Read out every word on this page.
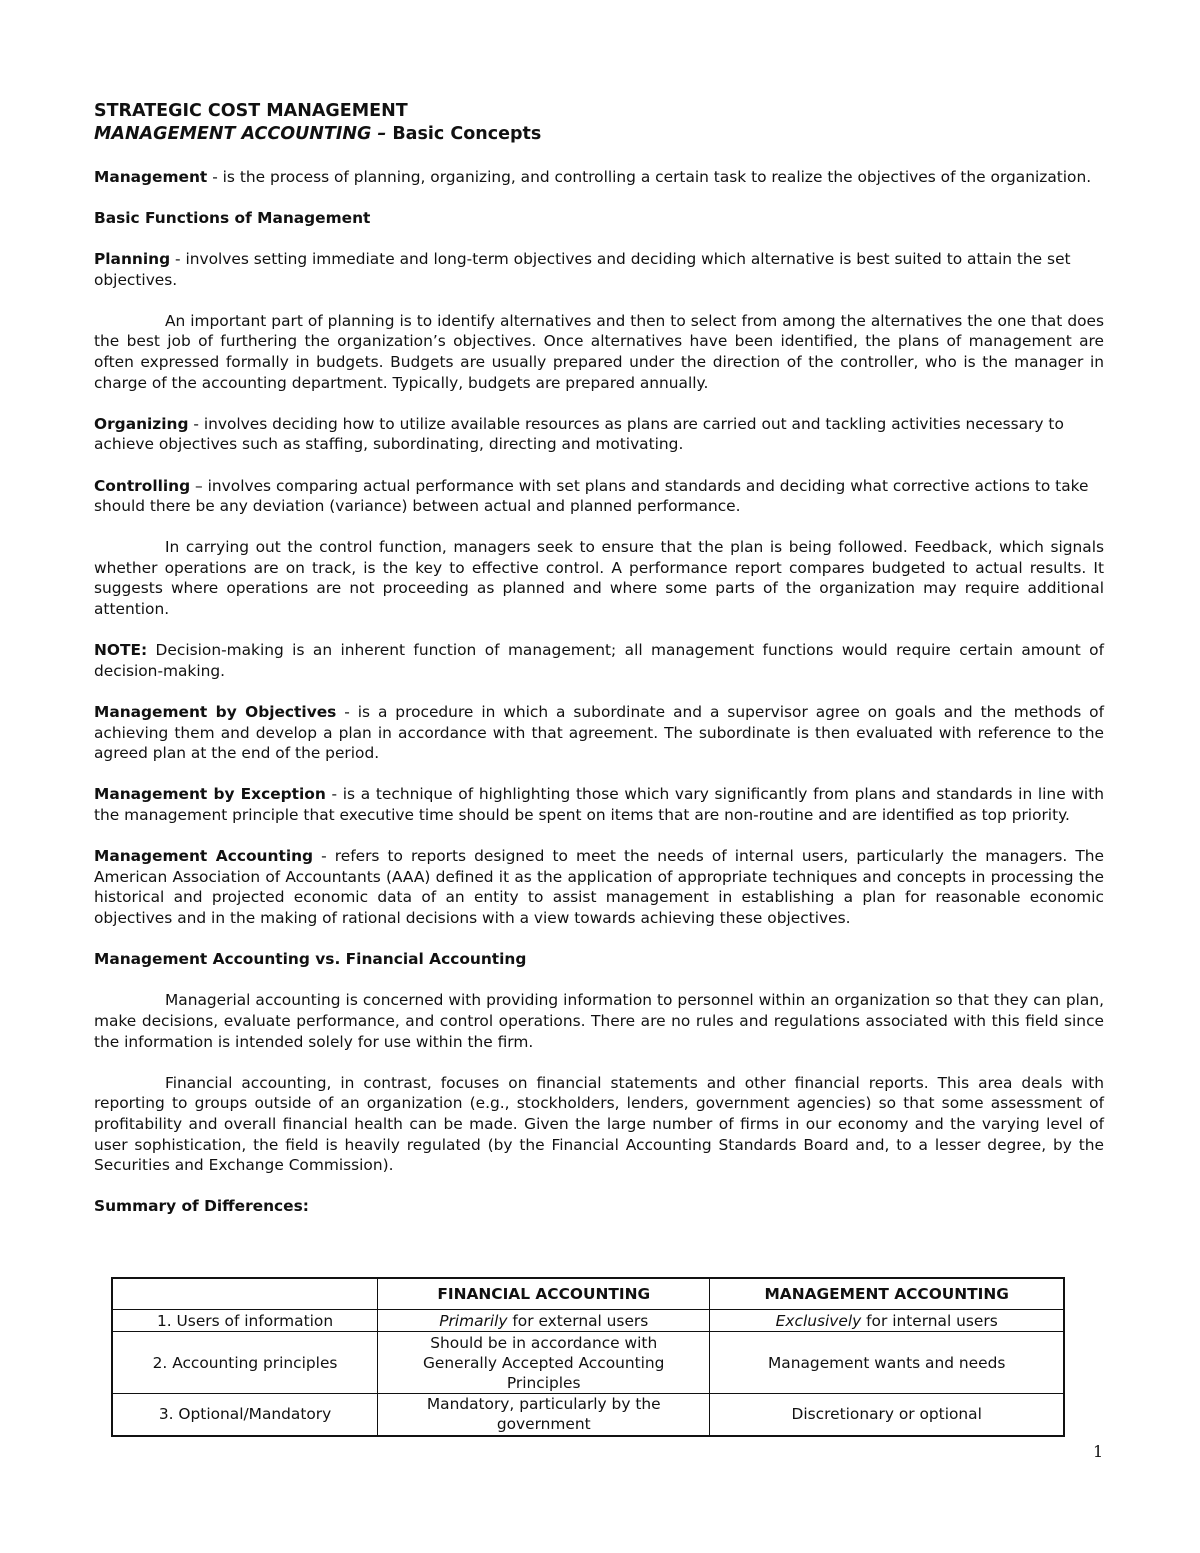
STRATEGIC COST MANAGEMENT

MANAGEMENT ACCOUNTING – Basic Concepts

Management - is the process of planning, organizing, and controlling a certain task to realize the objectives of the organization.

Basic Functions of Management

Planning - involves setting immediate and long-term objectives and deciding which alternative is best suited to attain the set objectives.

An important part of planning is to identify alternatives and then to select from among the alternatives the one that does the best job of furthering the organization’s objectives. Once alternatives have been identified, the plans of management are often expressed formally in budgets. Budgets are usually prepared under the direction of the controller, who is the manager in charge of the accounting department. Typically, budgets are prepared annually.

Organizing - involves deciding how to utilize available resources as plans are carried out and tackling activities necessary to achieve objectives such as staffing, subordinating, directing and motivating.

Controlling – involves comparing actual performance with set plans and standards and deciding what corrective actions to take should there be any deviation (variance) between actual and planned performance.

In carrying out the control function, managers seek to ensure that the plan is being followed. Feedback, which signals whether operations are on track, is the key to effective control. A performance report compares budgeted to actual results. It suggests where operations are not proceeding as planned and where some parts of the organization may require additional attention.

NOTE: Decision-making is an inherent function of management; all management functions would require certain amount of decision-making.

Management by Objectives - is a procedure in which a subordinate and a supervisor agree on goals and the methods of achieving them and develop a plan in accordance with that agreement. The subordinate is then evaluated with reference to the agreed plan at the end of the period.

Management by Exception - is a technique of highlighting those which vary significantly from plans and standards in line with the management principle that executive time should be spent on items that are non-routine and are identified as top priority.

Management Accounting - refers to reports designed to meet the needs of internal users, particularly the managers. The American Association of Accountants (AAA) defined it as the application of appropriate techniques and concepts in processing the historical and projected economic data of an entity to assist management in establishing a plan for reasonable economic objectives and in the making of rational decisions with a view towards achieving these objectives.

Management Accounting vs. Financial Accounting

Managerial accounting is concerned with providing information to personnel within an organization so that they can plan, make decisions, evaluate performance, and control operations. There are no rules and regulations associated with this field since the information is intended solely for use within the firm.

Financial accounting, in contrast, focuses on financial statements and other financial reports. This area deals with reporting to groups outside of an organization (e.g., stockholders, lenders, government agencies) so that some assessment of profitability and overall financial health can be made. Given the large number of firms in our economy and the varying level of user sophistication, the field is heavily regulated (by the Financial Accounting Standards Board and, to a lesser degree, by the Securities and Exchange Commission).

Summary of Differences:

	FINANCIAL ACCOUNTING	MANAGEMENT ACCOUNTING
1. Users of information	Primarily for external users	Exclusively for internal users
2. Accounting principles	Should be in accordance with Generally Accepted Accounting Principles	Management wants and needs
3. Optional/Mandatory	Mandatory, particularly by the government	Discretionary or optional
1
